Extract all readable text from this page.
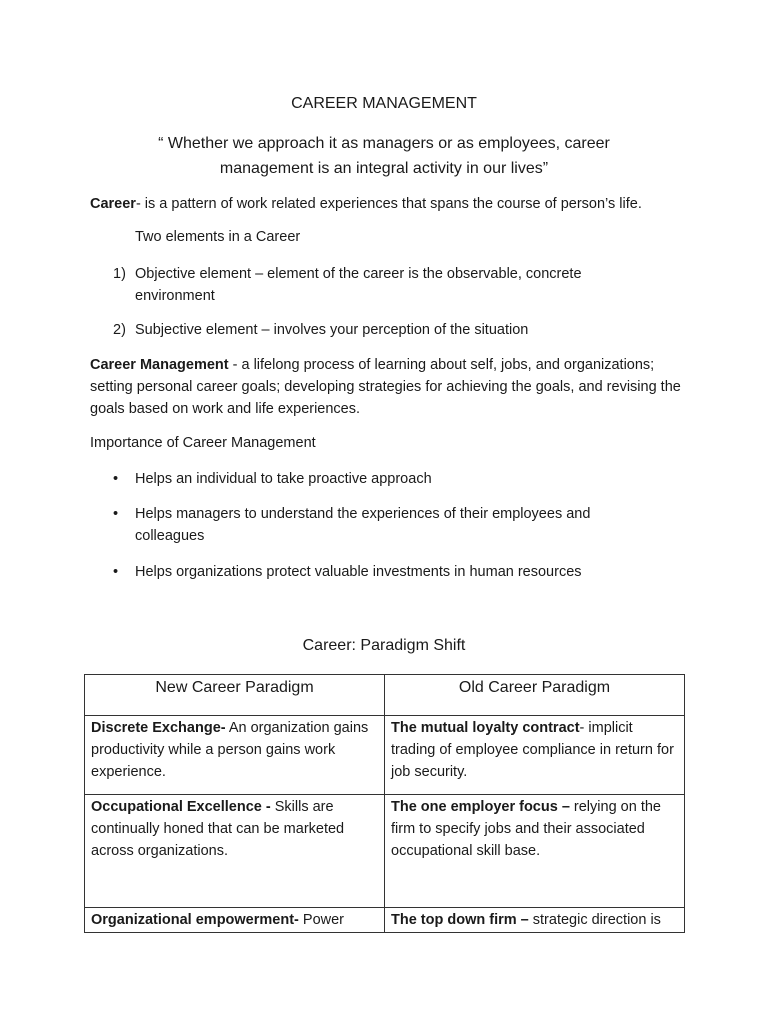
CAREER MANAGEMENT
“ Whether we approach it as managers or as employees, career management is an integral activity in our lives”
Career- is a pattern of work related experiences that spans the course of person’s life.
Two elements in a Career
1) Objective element – element of the career is the observable, concrete environment
2) Subjective element – involves your perception of the situation
Career Management - a lifelong process of learning about self, jobs, and organizations; setting personal career goals; developing strategies for achieving the goals, and revising the goals based on work and life experiences.
Importance of Career Management
• Helps an individual to take proactive approach
• Helps managers to understand the experiences of their employees and colleagues
• Helps organizations protect valuable investments in human resources
Career: Paradigm Shift
New Career Paradigm	Old Career Paradigm
Discrete Exchange- An organization gains productivity while a person gains work experience.	The mutual loyalty contract- implicit trading of employee compliance in return for job security.
Occupational Excellence - Skills are continually honed that can be marketed across organizations.	The one employer focus – relying on the firm to specify jobs and their associated occupational skill base.
Organizational empowerment- Power	The top down firm – strategic direction is
